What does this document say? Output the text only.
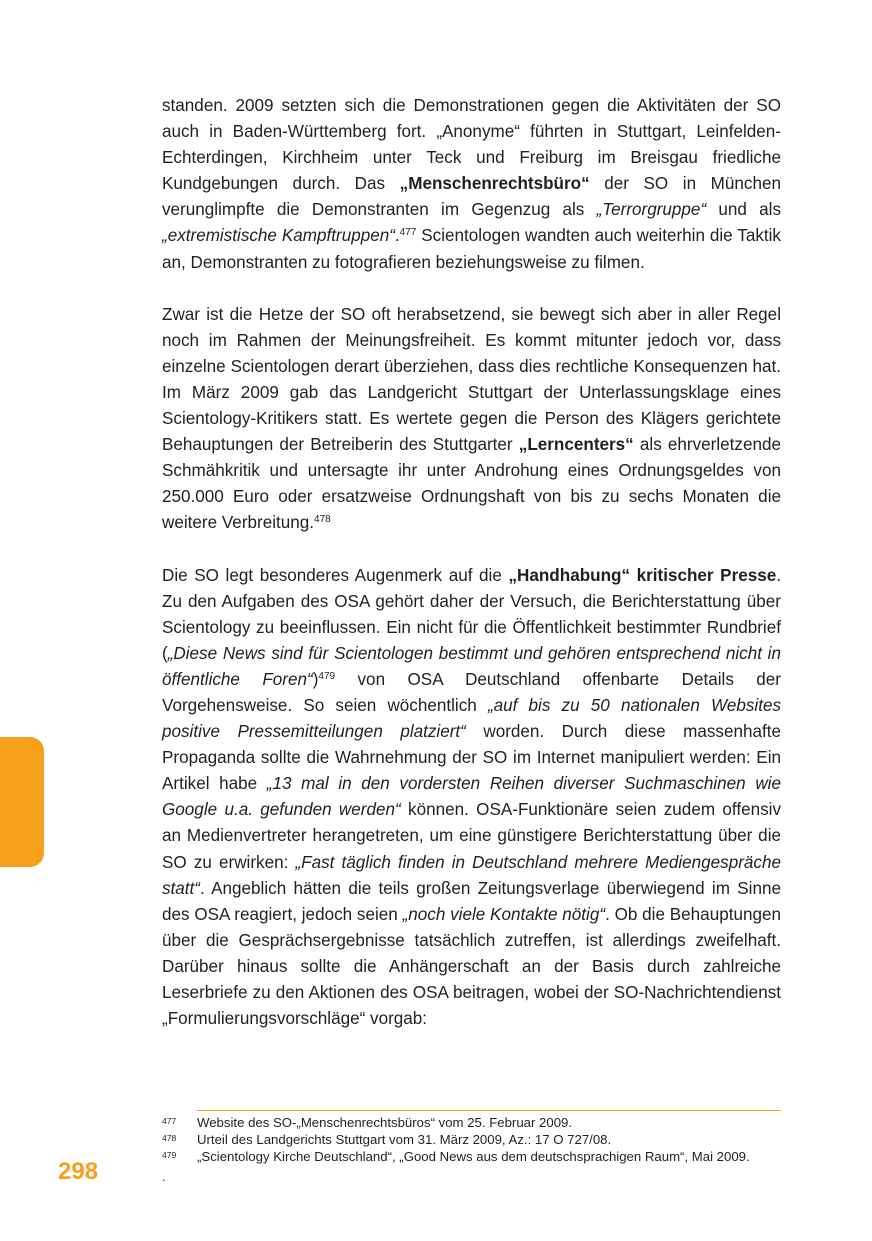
standen. 2009 setzten sich die Demonstrationen gegen die Aktivitäten der SO auch in Baden-Württemberg fort. „Anonyme“ führten in Stuttgart, Leinfelden-Echterdingen, Kirchheim unter Teck und Freiburg im Breisgau friedliche Kundgebungen durch. Das „Menschenrechtsbüro“ der SO in München verunglimpfte die Demonstranten im Gegenzug als „Terrorgruppe“ und als „extremistische Kampftruppen“.$^{477}$ Scientologen wandten auch weiterhin die Taktik an, Demonstranten zu fotografieren beziehungsweise zu filmen.

Zwar ist die Hetze der SO oft herabsetzend, sie bewegt sich aber in aller Regel noch im Rahmen der Meinungsfreiheit. Es kommt mitunter jedoch vor, dass einzelne Scientologen derart überziehen, dass dies rechtliche Konsequenzen hat. Im März 2009 gab das Landgericht Stuttgart der Unterlassungsklage eines Scientology-Kritikers statt. Es wertete gegen die Person des Klägers gerichtete Behauptungen der Betreiberin des Stuttgarter „Lerncenters“ als ehrverletzende Schmähkritik und untersagte ihr unter Androhung eines Ordnungsgeldes von 250.000 Euro oder ersatzweise Ordnungshaft von bis zu sechs Monaten die weitere Verbreitung.$^{478}$

Die SO legt besonderes Augenmerk auf die „Handhabung“ kritischer Presse. Zu den Aufgaben des OSA gehört daher der Versuch, die Berichterstattung über Scientology zu beeinflussen. Ein nicht für die Öffentlichkeit bestimmter Rundbrief („Diese News sind für Scientologen bestimmt und gehören entsprechend nicht in öffentliche Foren“)$^{479}$ von OSA Deutschland offenbarte Details der Vorgehensweise. So seien wöchentlich „auf bis zu 50 nationalen Websites positive Pressemitteilungen platziert“ worden. Durch diese massenhafte Propaganda sollte die Wahrnehmung der SO im Internet manipuliert werden: Ein Artikel habe „13 mal in den vordersten Reihen diverser Suchmaschinen wie Google u.a. gefunden werden“ können. OSA-Funktionäre seien zudem offensiv an Medienvertreter herangetreten, um eine günstigere Berichterstattung über die SO zu erwirken: „Fast täglich finden in Deutschland mehrere Mediengespräche statt“. Angeblich hätten die teils großen Zeitungsverlage überwiegend im Sinne des OSA reagiert, jedoch seien „noch viele Kontakte nötig“. Ob die Behauptungen über die Gesprächsergebnisse tatsächlich zutreffen, ist allerdings zweifelhaft. Darüber hinaus sollte die Anhängerschaft an der Basis durch zahlreiche Leserbriefe zu den Aktionen des OSA beitragen, wobei der SO-Nachrichtendienst „Formulierungsvorschläge“ vorgab:

477	Website des SO-„Menschenrechtsbüros“ vom 25. Februar 2009.
478	Urteil des Landgerichts Stuttgart vom 31. März 2009, Az.: 17 O 727/08.
479	„Scientology Kirche Deutschland“, „Good News aus dem deutschsprachigen Raum“, Mai 2009.
.
298
